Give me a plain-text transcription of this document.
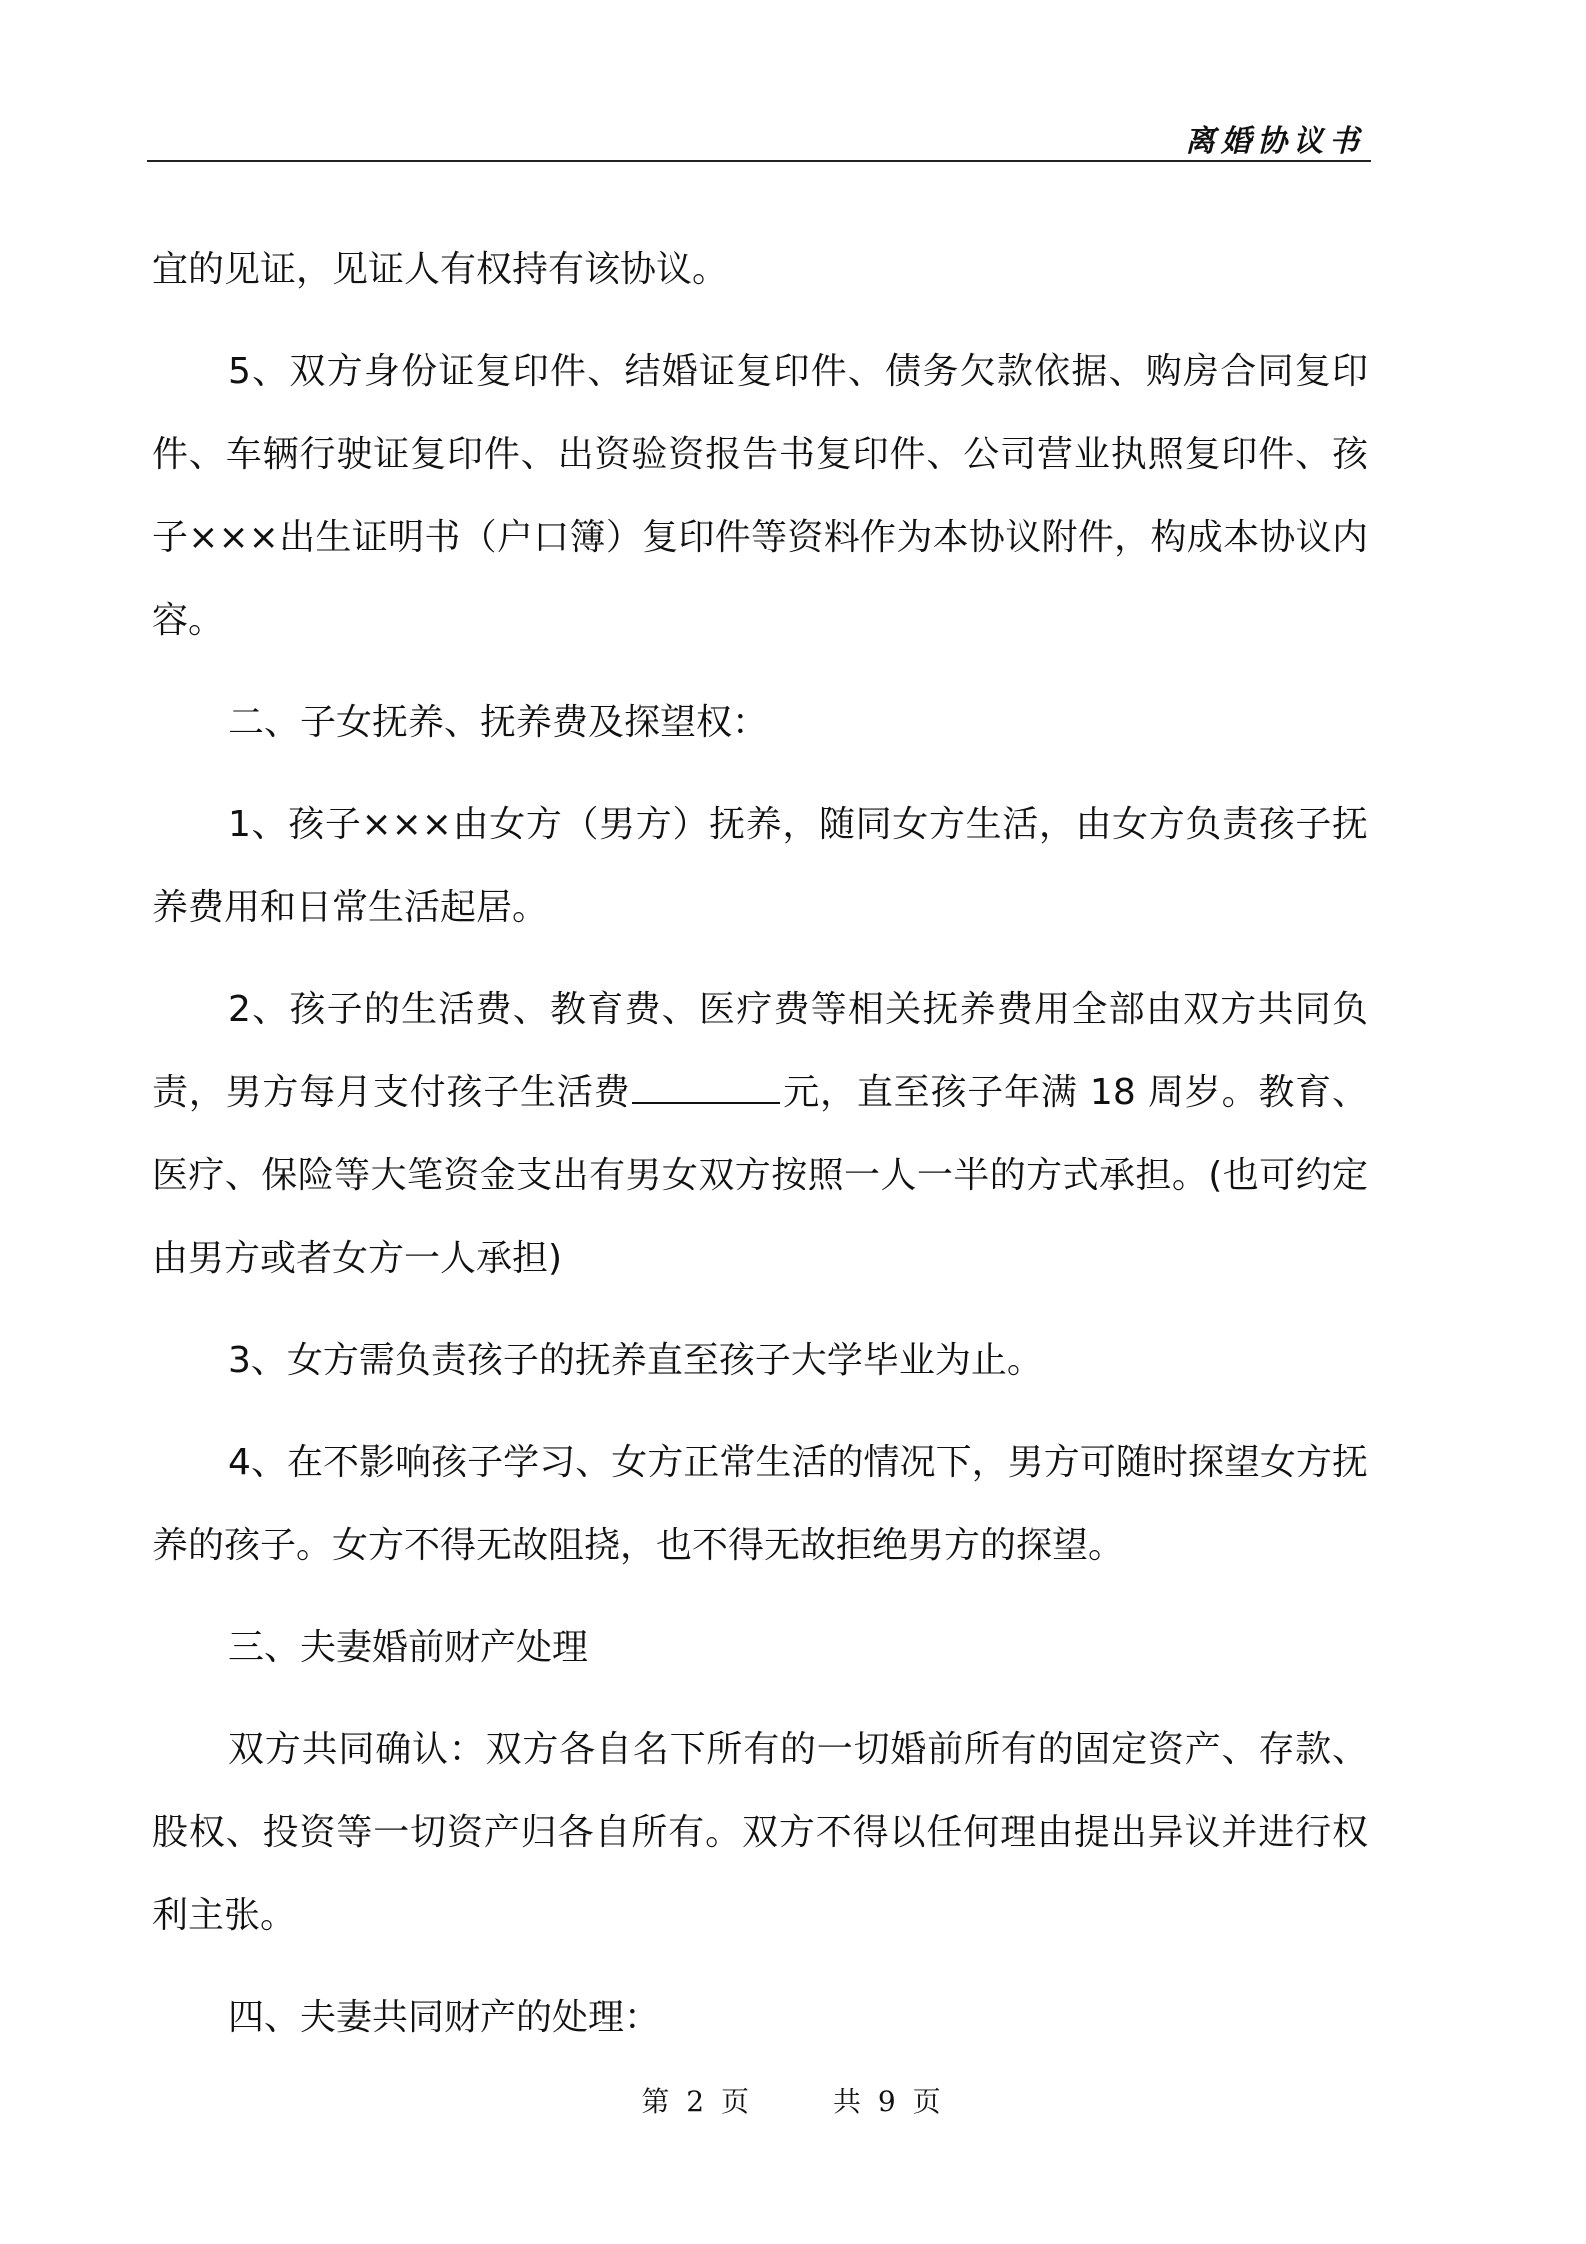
离婚协议书

宜的见证，见证人有权持有该协议。

5、双方身份证复印件、结婚证复印件、债务欠款依据、购房合同复印件、车辆行驶证复印件、出资验资报告书复印件、公司营业执照复印件、孩子×××出生证明书（户口簿）复印件等资料作为本协议附件，构成本协议内容。

二、子女抚养、抚养费及探望权：

1、孩子×××由女方（男方）抚养，随同女方生活，由女方负责孩子抚养费用和日常生活起居。

2、孩子的生活费、教育费、医疗费等相关抚养费用全部由双方共同负责，男方每月支付孩子生活费	元，直至孩子年满 18 周岁。教育、医疗、保险等大笔资金支出有男女双方按照一人一半的方式承担。(也可约定由男方或者女方一人承担)

3、女方需负责孩子的抚养直至孩子大学毕业为止。

4、在不影响孩子学习、女方正常生活的情况下，男方可随时探望女方抚养的孩子。女方不得无故阻挠，也不得无故拒绝男方的探望。

三、夫妻婚前财产处理

双方共同确认：双方各自名下所有的一切婚前所有的固定资产、存款、股权、投资等一切资产归各自所有。双方不得以任何理由提出异议并进行权利主张。

四、夫妻共同财产的处理：

第 2 页	共 9 页
